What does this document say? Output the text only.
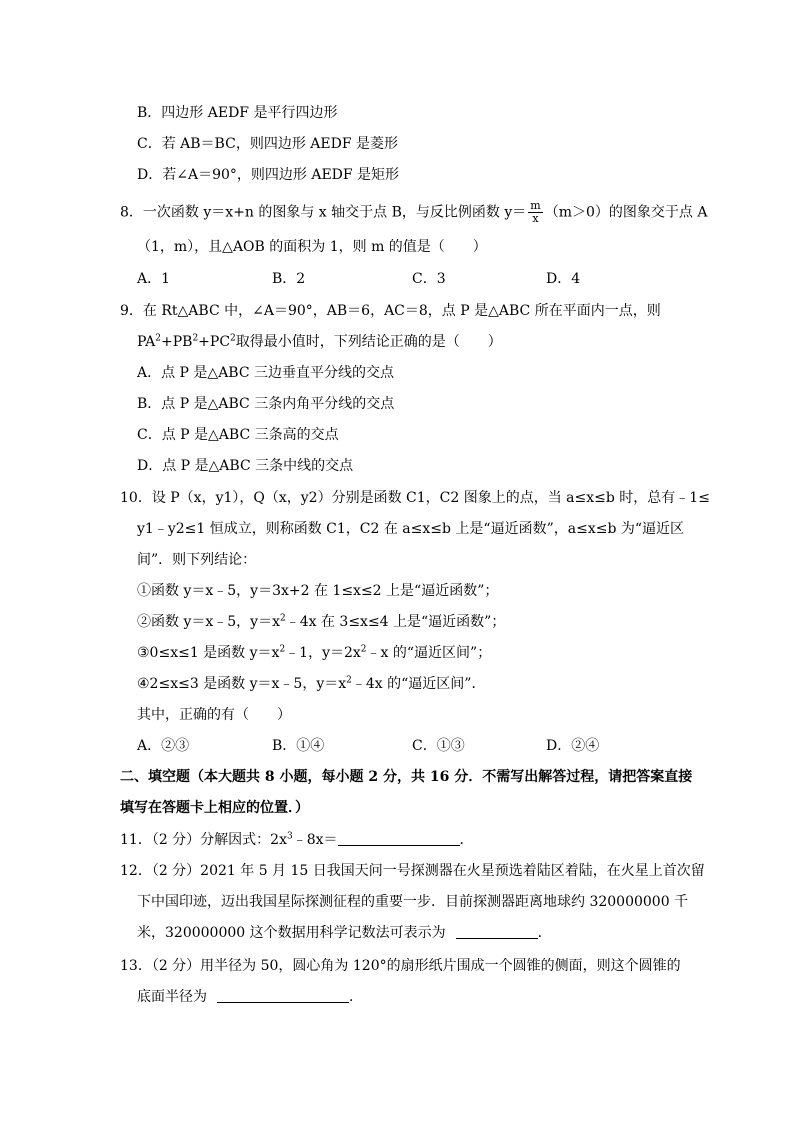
B．四边形 AEDF 是平行四边形
C．若 AB＝BC，则四边形 AEDF 是菱形
D．若∠A＝90°，则四边形 AEDF 是矩形
8．一次函数 y＝x+n 的图象与 x 轴交于点 B，与反比例函数 $y= \frac{m}{x} (m>0)$的图象交于点 A
（1，m），且△AOB 的面积为 1，则 m 的值是（　　）
A．1	B．2	C．3	D．4
9．在 Rt△ABC 中，∠A＝90°，AB＝6，AC＝8，点 P 是△ABC 所在平面内一点，则
$PA^2+PB^2+PC^2$取得最小值时，下列结论正确的是（　　）
A．点 P 是△ABC 三边垂直平分线的交点
B．点 P 是△ABC 三条内角平分线的交点
C．点 P 是△ABC 三条高的交点
D．点 P 是△ABC 三条中线的交点
10．设 P（x，y1），Q（x，y2）分别是函数 C1，C2 图象上的点，当 a≤x≤b 时，总有﹣1≤
y1﹣y2≤1 恒成立，则称函数 C1，C2 在 a≤x≤b 上是“逼近函数”，a≤x≤b 为“逼近区
间”．则下列结论：
①函数 y＝x﹣5，y＝3x+2 在 1≤x≤2 上是“逼近函数”；
②函数 y＝x﹣5，$y=x^2﹣4x$ 在 3≤x≤4 上是“逼近函数”；
③0≤x≤1 是函数 $y=x^2﹣1$，$y=2x^2﹣x$ 的“逼近区间”；
④2≤x≤3 是函数 y＝x﹣5，$y=x^2﹣4x$ 的“逼近区间”．
其中，正确的有（　　）
A．②③	B．①④	C．①③	D．②④
二、填空题（本大题共 8 小题，每小题 2 分，共 16 分．不需写出解答过程，请把答案直接
填写在答题卡上相应的位置．）
11．（2 分）分解因式：$2x^3﹣8x=$	．
12．（2 分）2021 年 5 月 15 日我国天问一号探测器在火星预选着陆区着陆，在火星上首次留
下中国印迹，迈出我国星际探测征程的重要一步．目前探测器距离地球约 320000000 千
米，320000000 这个数据用科学记数法可表示为	．
13．（2 分）用半径为 50，圆心角为 120°的扇形纸片围成一个圆锥的侧面，则这个圆锥的
底面半径为	．
